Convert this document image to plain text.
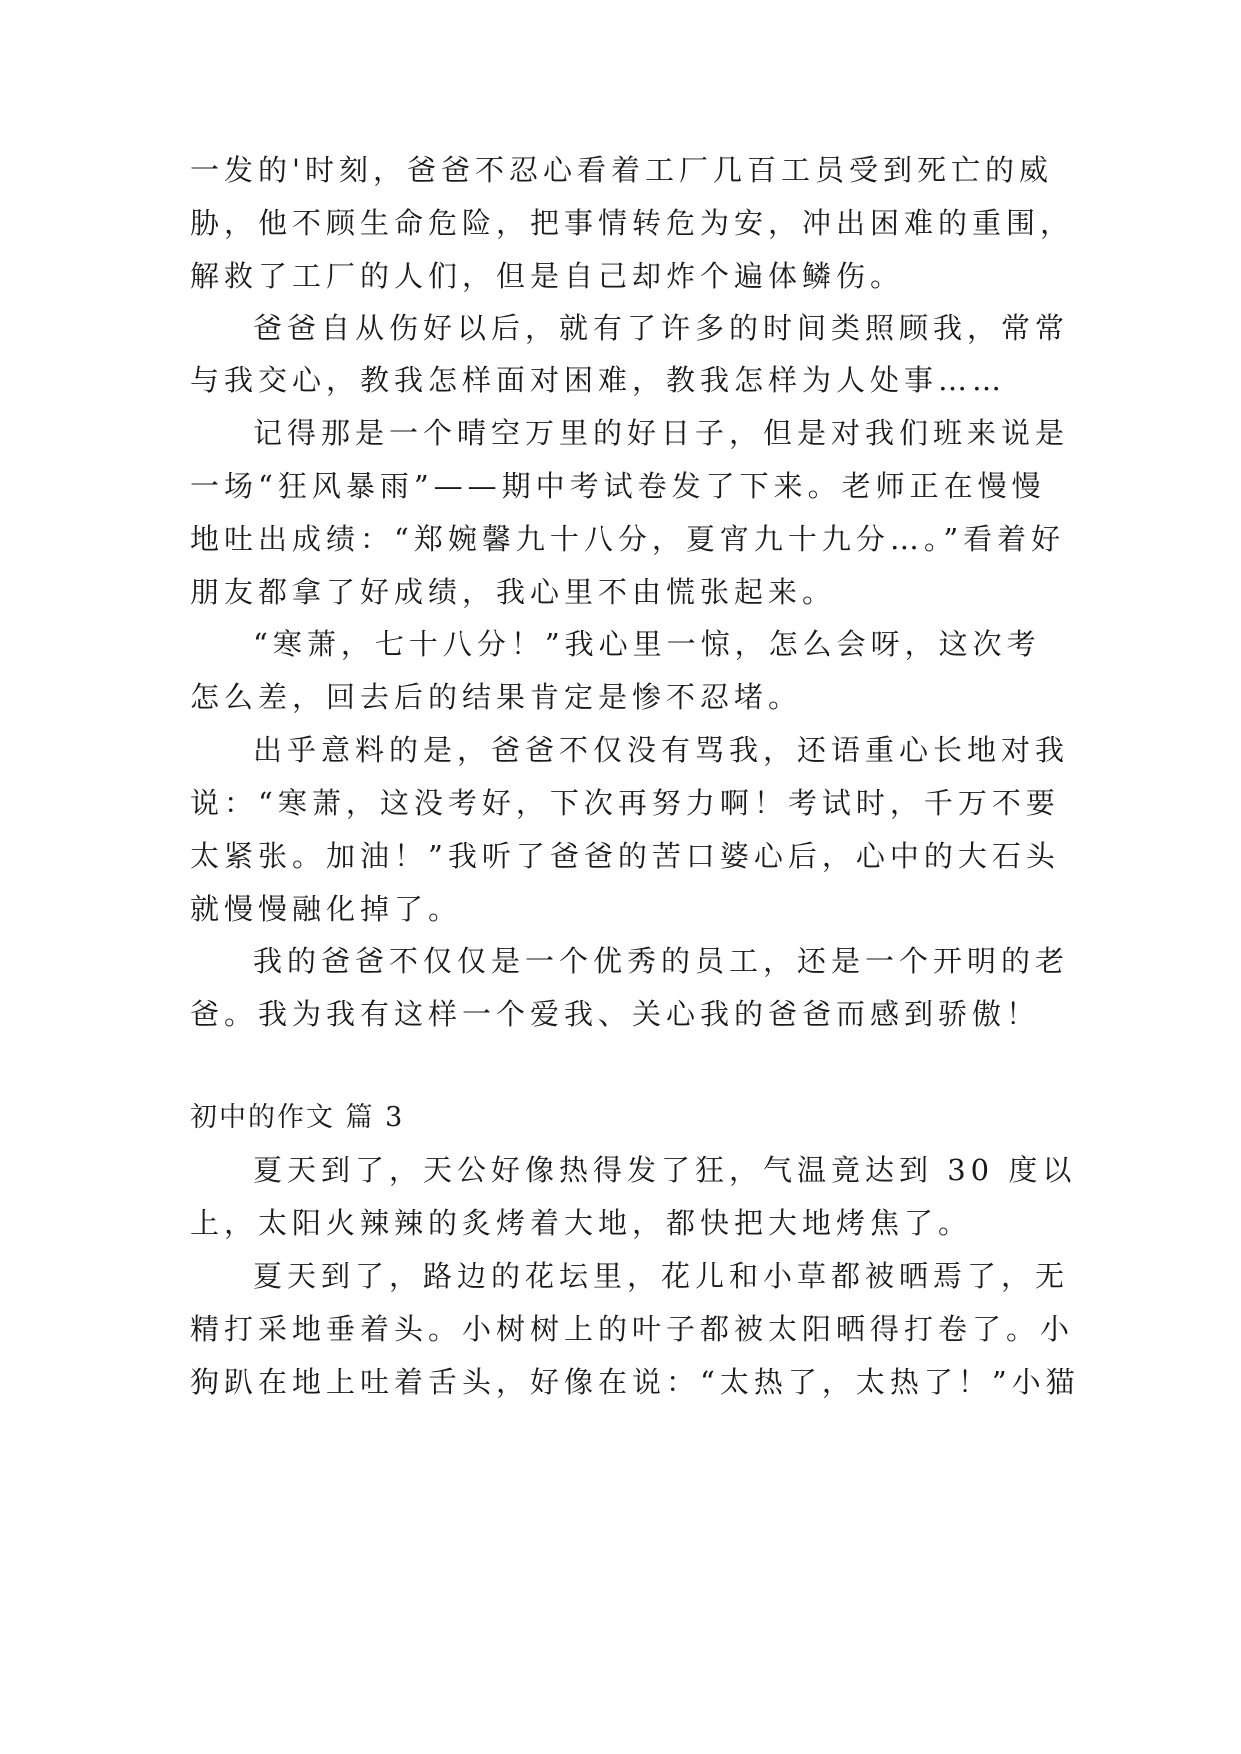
一发的'时刻，爸爸不忍心看着工厂几百工员受到死亡的威
胁，他不顾生命危险，把事情转危为安，冲出困难的重围，
解救了工厂的人们，但是自己却炸个遍体鳞伤。
爸爸自从伤好以后，就有了许多的时间类照顾我，常常
与我交心，教我怎样面对困难，教我怎样为人处事……
记得那是一个晴空万里的好日子，但是对我们班来说是
一场“狂风暴雨”——期中考试卷发了下来。老师正在慢慢
地吐出成绩：“郑婉馨九十八分，夏宵九十九分…。”看着好
朋友都拿了好成绩，我心里不由慌张起来。
“寒萧，七十八分！”我心里一惊，怎么会呀，这次考
怎么差，回去后的结果肯定是惨不忍堵。
出乎意料的是，爸爸不仅没有骂我，还语重心长地对我
说：“寒萧，这没考好，下次再努力啊！考试时，千万不要
太紧张。加油！”我听了爸爸的苦口婆心后，心中的大石头
就慢慢融化掉了。
我的爸爸不仅仅是一个优秀的员工，还是一个开明的老
爸。我为我有这样一个爱我、关心我的爸爸而感到骄傲！
初中的作文 篇 3
夏天到了，天公好像热得发了狂，气温竟达到 30 度以
上，太阳火辣辣的炙烤着大地，都快把大地烤焦了。
夏天到了，路边的花坛里，花儿和小草都被晒焉了，无
精打采地垂着头。小树树上的叶子都被太阳晒得打卷了。小
狗趴在地上吐着舌头，好像在说：“太热了，太热了！”小猫
